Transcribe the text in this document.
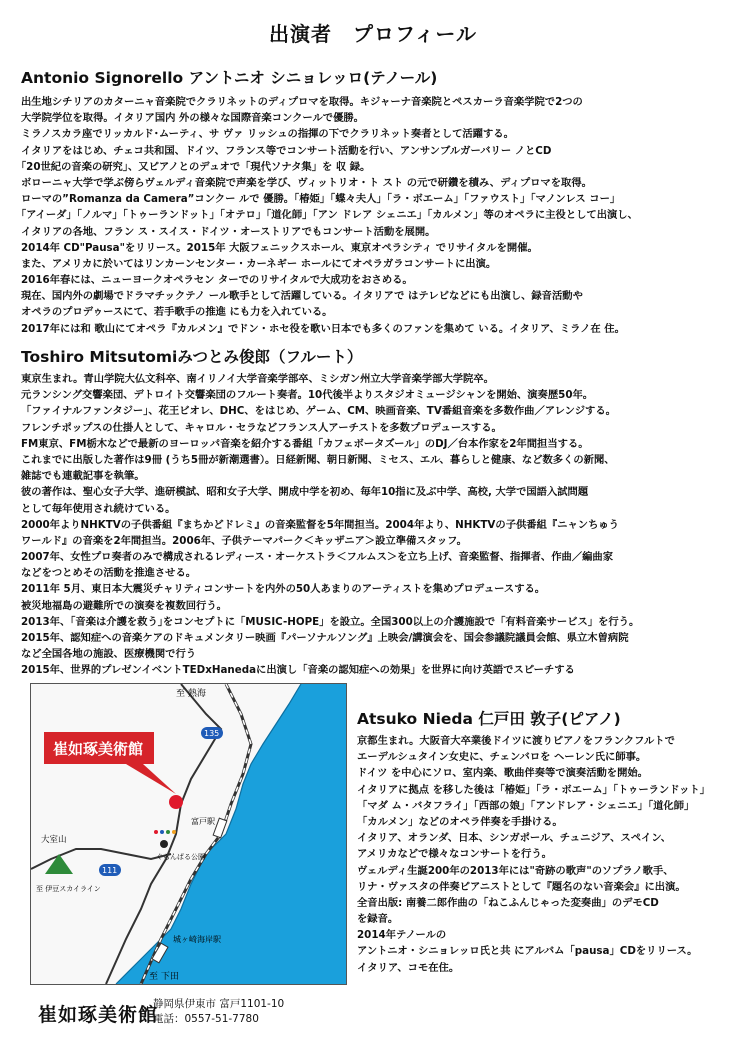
出演者　プロフィール
Antonio Signorello アントニオ シニョレッロ(テノール)
出生地シチリアのカターニャ音楽院でクラリネットのディプロマを取得。キジャーナ音楽院とペスカーラ音楽学院で2つの
大学院学位を取得。イタリア国内 外の様々な国際音楽コンクールで優勝。
ミラノスカラ座でリッカルド･ムーティ、サ ヴァ リッシュの指揮の下でクラリネット奏者として活躍する。
イタリアをはじめ、チェコ共和国、ドイツ、フランス等でコンサート活動を行い、アンサンブルガーバリー ノとCD
｢20世紀の音楽の研究」、又ピアノとのデュオで「現代ソナタ集」を 収 録。
ボローニャ大学で学ぶ傍らヴェルディ音楽院で声楽を学び、ヴィットリオ・ト スト の元で研鑽を積み、ディプロマを取得。
ローマの”Romanza da Camera”コンクー ルで 優勝。｢椿姫」「蝶々夫人」「ラ・ボエーム」「ファウスト」「マノンレス コー」
｢アイーダ」｢ノルマ」｢トゥーランドット」｢オテロ」｢道化師」｢アン ドレア シェニエ」｢カルメン」等のオペラに主役として出演し、
イタリアの各地、フラン ス・スイス・ドイツ・オーストリアでもコンサート活動を展開。
2014年 CD"Pausa"をリリース。2015年 大阪フェニックスホール、東京オペラシティ でリサイタルを開催。
また、アメリカに於いてはリンカーンセンター・カーネギー ホールにてオペラガラコンサートに出演。
2016年春には、ニューヨークオペラセン ターでのリサイタルで大成功をおさめる。
現在、国内外の劇場でドラマチックテノ ール歌手として活躍している。イタリアで はテレビなどにも出演し、録音活動や
オペラのプロデゥースにて、若手歌手の推進 にも力を入れている。
2017年には和 歌山にてオペラ『カルメン』でドン・ホセ役を歌い日本でも多くのファンを集めて いる。イタリア、ミラノ在 住。
Toshiro Mitsutomiみつとみ俊郎（フルート）
東京生まれ。青山学院大仏文科卒、南イリノイ大学音楽学部卒、ミシガン州立大学音楽学部大学院卒。
元ランシング交響楽団、デトロイト交響楽団のフルート奏者。10代後半よりスタジオミュージシャンを開始、演奏歴50年。
「ファイナルファンタジー」、花王ビオレ、DHC、をはじめ、ゲーム、CM、映画音楽、TV番組音楽を多数作曲／アレンジする。
フレンチポップスの仕掛人として、キャロル・セラなどフランス人アーチストを多数プロデュースする。
FM東京、FM栃木などで最新のヨーロッパ音楽を紹介する番組「カフェボータズール」のDJ／台本作家を2年間担当する。
これまでに出版した著作は9冊 (うち5冊が新潮選書）。日経新聞、朝日新聞、ミセス、エル、暮らしと健康、など数多くの新聞、
雑誌でも連載記事を執筆。
彼の著作は、聖心女子大学、進研模試、昭和女子大学、開成中学を初め、毎年10指に及ぶ中学、高校, 大学で国語入試問題
として毎年使用され続けている。
2000年よりNHKTVの子供番組『まちかどドレミ』の音楽監督を5年間担当。2004年より、NHKTVの子供番組『ニャンちゅう
ワールド』の音楽を2年間担当。2006年、子供テーマパーク＜キッザニア＞設立準備スタッフ。
2007年、女性プロ奏者のみで構成されるレディース・オーケストラ＜フルムス＞を立ち上げ、音楽監督、指揮者、作曲／編曲家
などをつとめその活動を推進させる。
2011年 5月、東日本大震災チャリティコンサートを内外の50人あまりのアーティストを集めプロデュースする。
被災地福島の避難所での演奏を複数回行う。
2013年、｢音楽は介護を救う｣をコンセプトに「MUSIC-HOPE」を設立。全国300以上の介護施設で「有料音楽サービス」を行う。
2015年、認知症への音楽ケアのドキュメンタリー映画『パーソナルソング』上映会/講演会を、国会参議院議員会館、県立木曽病院
など全国各地の施設、医療機関で行う
2015年、世界的プレゼンイベントTEDxHanedaに出演し「音楽の認知症への効果」を世界に向け英語でスピーチする
Atsuko Nieda 仁戸田 敦子(ピアノ)
京都生まれ。大阪音大卒業後ドイツに渡りピアノをフランクフルトで
エーデルシュタイン女史に、チェンバロを ヘーレン氏に師事。
ドイツ を中心にソロ、室内楽、歌曲伴奏等で演奏活動を開始。
イタリアに拠点 を移した後は「椿姫」「ラ・ボエーム」「トゥーランドット」
「マダ ム・バタフライ」「西部の娘」「アンドレア・シェニエ」「道化師」
「カルメン」などのオペラ伴奏を手掛ける。
イタリア、オランダ、日本、シンガポール、チュニジア、スペイン、
アメリカなどで様々なコンサートを行う。
ヴェルディ生誕200年の2013年には"奇跡の歌声"のソプラノ歌手、
リナ・ヴァスタの伴奏ピアニストとして『題名のない音楽会』に出演。
全音出版: 南養二郎作曲の「ねこふんじゃった変奏曲」のデモCD
を録音。
2014年テノールの
アントニオ・シニョレッロ氏と共 にアルバム「pausa」CDをリリース。
イタリア、コモ在住。
大室山
111
135
ぐらんぱる公園
崔如琢美術館
至 熱海
富戸駅
城ヶ崎海岸駅
至 下田
至 伊豆スカイライン
崔如琢美術館
静岡県伊東市 富戸1101-10
電話：0557-51-7780
